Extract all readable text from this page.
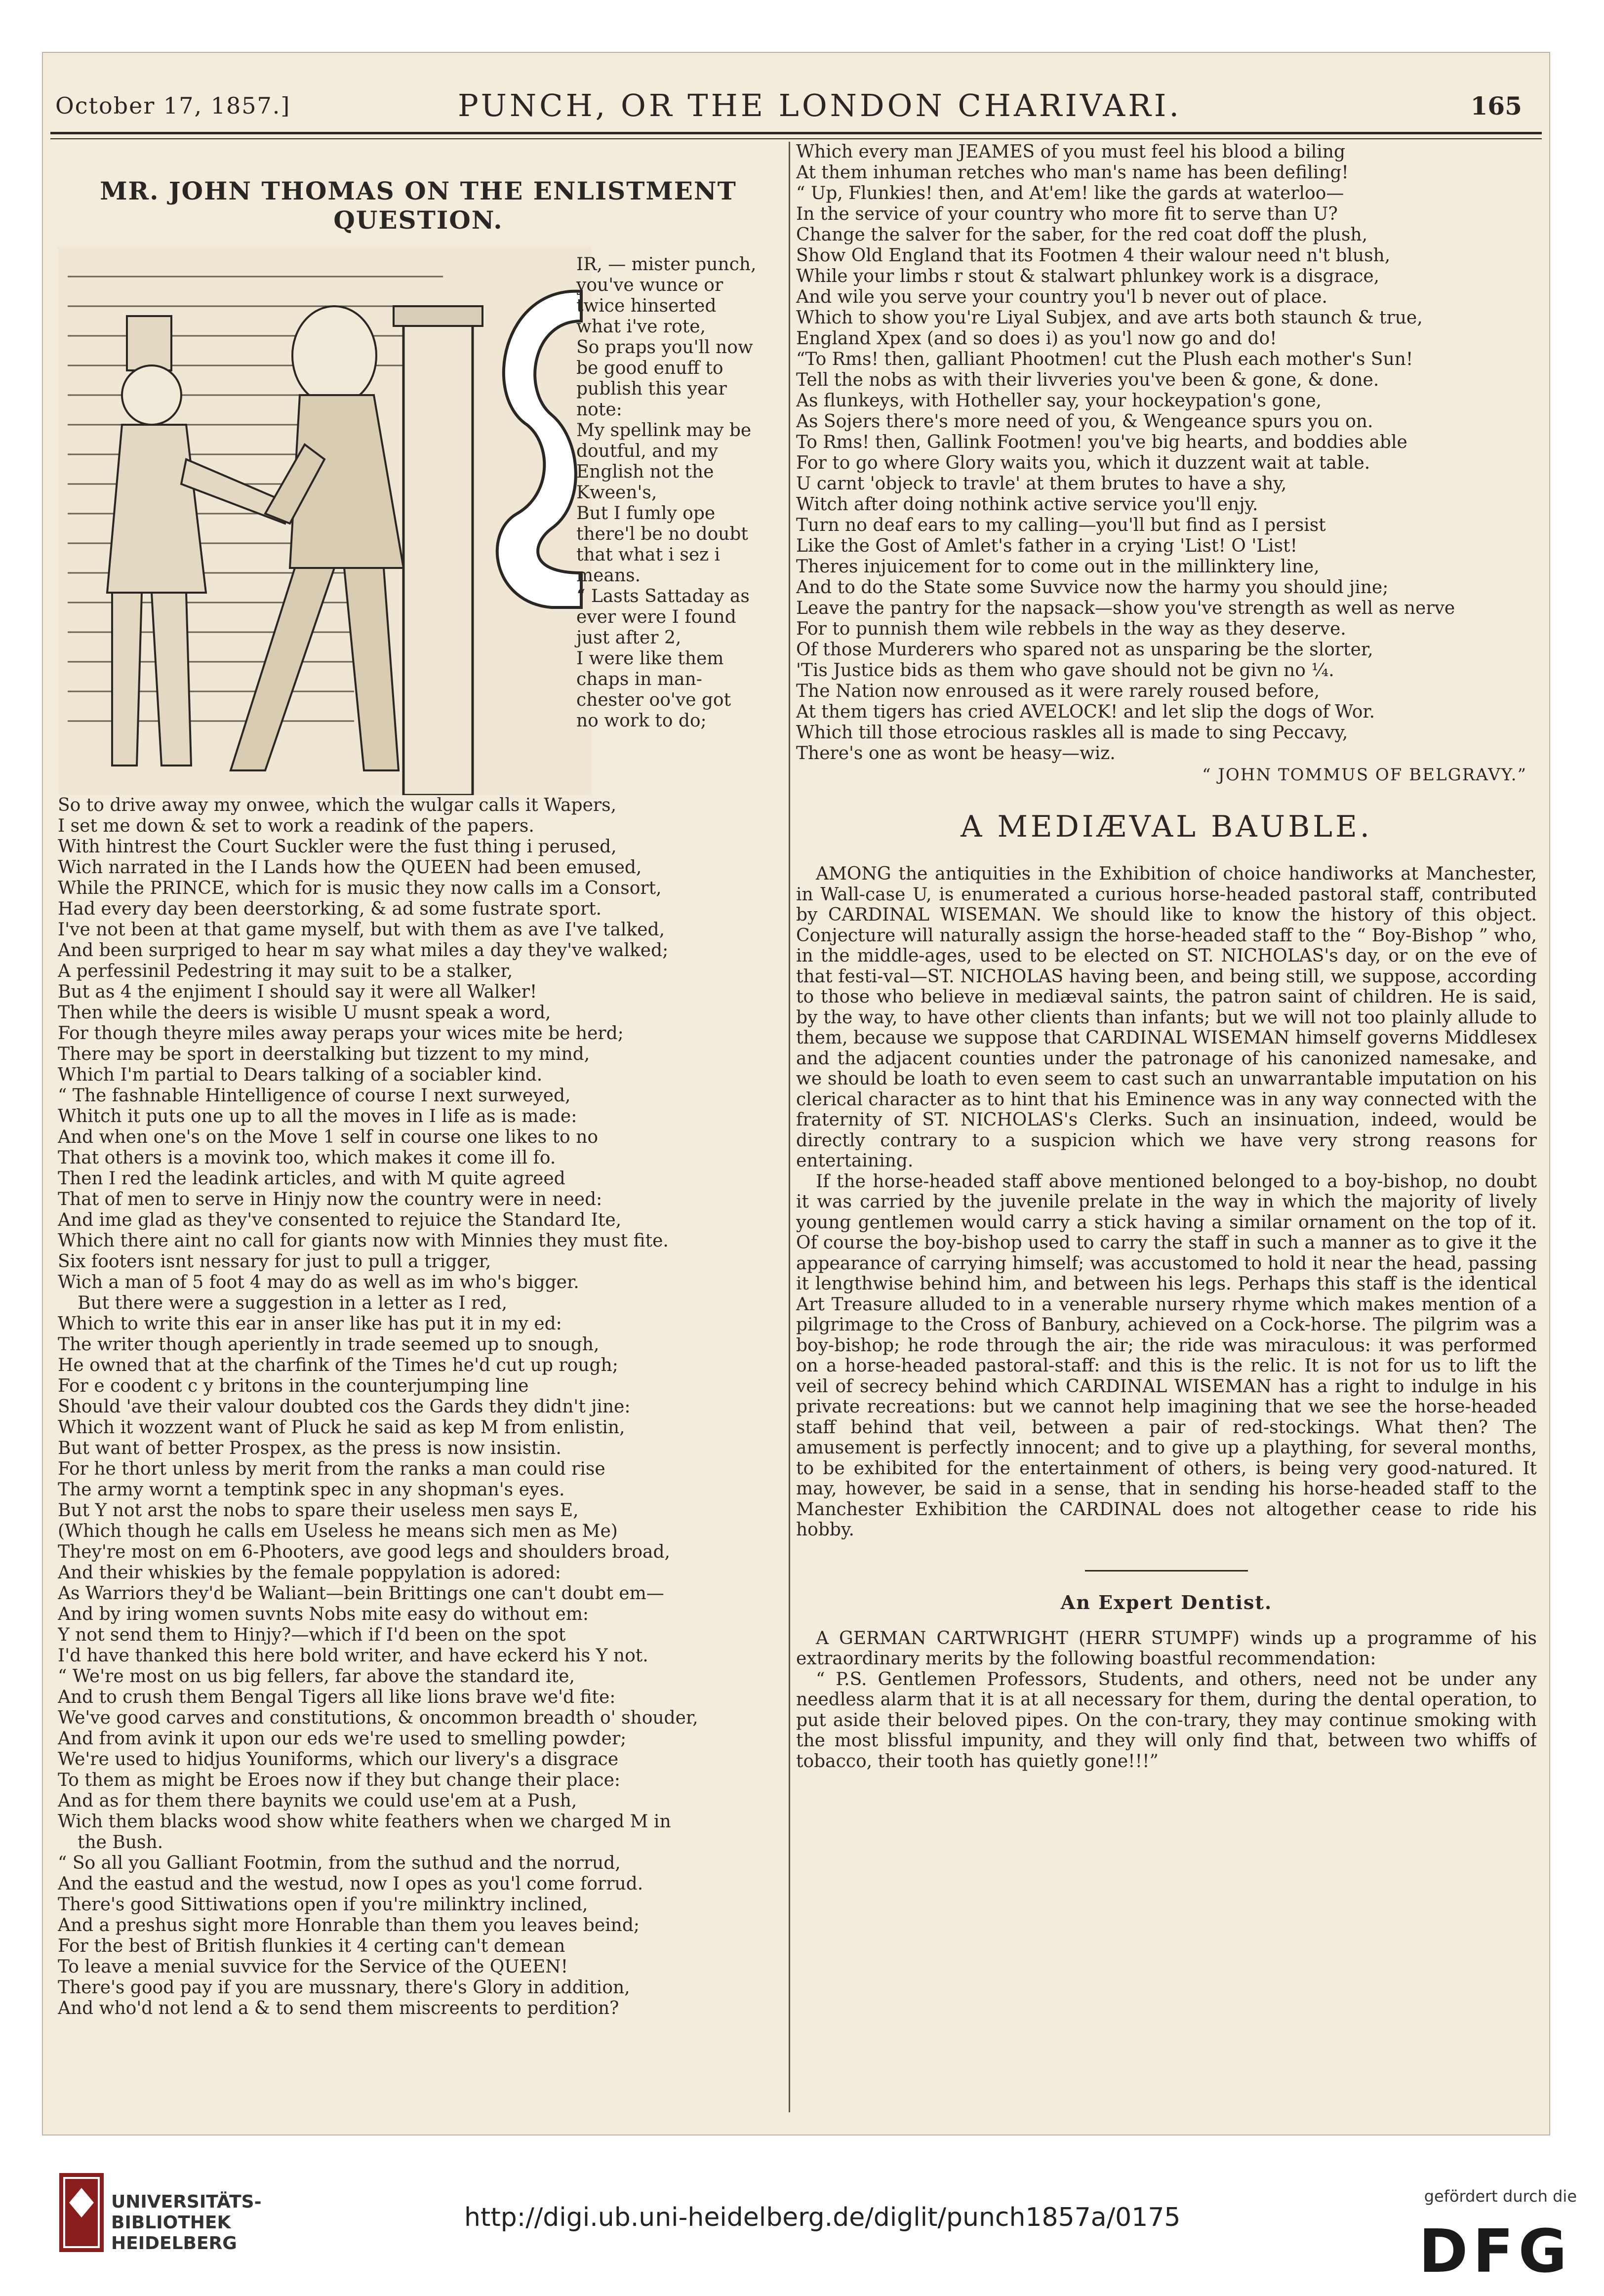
October 17, 1857.]	PUNCH, OR THE LONDON CHARIVARI.	165
MR. JOHN THOMAS ON THE ENLISTMENT QUESTION.

IR, — mister punch,

you've wunce or

twice hinserted

what i've rote,

So praps you'll now

be good enuff to

publish this year

note:

My spellink may be

doutful, and my

English not the

Kween's,

But I fumly ope

there'l be no doubt

that what i sez i

means.

“ Lasts Sattaday as

ever were I found

just after 2,

I were like them

chaps in man-

chester oo've got

no work to do;

So to drive away my onwee, which the wulgar calls it Wapers,

I set me down & set to work a readink of the papers.

With hintrest the Court Suckler were the fust thing i perused,

Wich narrated in the I Lands how the QUEEN had been emused,

While the PRINCE, which for is music they now calls im a Consort,

Had every day been deerstorking, & ad some fustrate sport.

I've not been at that game myself, but with them as ave I've talked,

And been surpriged to hear m say what miles a day they've walked;

A perfessinil Pedestring it may suit to be a stalker,

But as 4 the enjiment I should say it were all Walker!

Then while the deers is wisible U musnt speak a word,

For though theyre miles away peraps your wices mite be herd;

There may be sport in deerstalking but tizzent to my mind,

Which I'm partial to Dears talking of a sociabler kind.

“ The fashnable Hintelligence of course I next surweyed,

Whitch it puts one up to all the moves in I life as is made:

And when one's on the Move 1 self in course one likes to no

That others is a movink too, which makes it come ill fo.

Then I red the leadink articles, and with M quite agreed

That of men to serve in Hinjy now the country were in need:

And ime glad as they've consented to rejuice the Standard Ite,

Which there aint no call for giants now with Minnies they must fite.

Six footers isnt nessary for just to pull a trigger,

Wich a man of 5 foot 4 may do as well as im who's bigger.

But there were a suggestion in a letter as I red,

Which to write this ear in anser like has put it in my ed:

The writer though aperiently in trade seemed up to snough,

He owned that at the charfink of the Times he'd cut up rough;

For e coodent c y britons in the counterjumping line

Should 'ave their valour doubted cos the Gards they didn't jine:

Which it wozzent want of Pluck he said as kep M from enlistin,

But want of better Prospex, as the press is now insistin.

For he thort unless by merit from the ranks a man could rise

The army wornt a temptink spec in any shopman's eyes.

But Y not arst the nobs to spare their useless men says E,

(Which though he calls em Useless he means sich men as Me)

They're most on em 6-Phooters, ave good legs and shoulders broad,

And their whiskies by the female poppylation is adored:

As Warriors they'd be Waliant—bein Brittings one can't doubt em—

And by iring women suvnts Nobs mite easy do without em:

Y not send them to Hinjy?—which if I'd been on the spot

I'd have thanked this here bold writer, and have eckerd his Y not.

“ We're most on us big fellers, far above the standard ite,

And to crush them Bengal Tigers all like lions brave we'd fite:

We've good carves and constitutions, & oncommon breadth o' shouder,

And from avink it upon our eds we're used to smelling powder;

We're used to hidjus Youniforms, which our livery's a disgrace

To them as might be Eroes now if they but change their place:

And as for them there baynits we could use'em at a Push,

Wich them blacks wood show white feathers when we charged M in

the Bush.

“ So all you Galliant Footmin, from the suthud and the norrud,

And the eastud and the westud, now I opes as you'l come forrud.

There's good Sittiwations open if you're milinktry inclined,

And a preshus sight more Honrable than them you leaves beind;

For the best of British flunkies it 4 certing can't demean

To leave a menial suvvice for the Service of the QUEEN!

There's good pay if you are mussnary, there's Glory in addition,

And who'd not lend a & to send them miscreents to perdition?

Which every man JEAMES of you must feel his blood a biling

At them inhuman retches who man's name has been defiling!

“ Up, Flunkies! then, and At'em! like the gards at waterloo—

In the service of your country who more fit to serve than U?

Change the salver for the saber, for the red coat doff the plush,

Show Old England that its Footmen 4 their walour need n't blush,

While your limbs r stout & stalwart phlunkey work is a disgrace,

And wile you serve your country you'l b never out of place.

Which to show you're Liyal Subjex, and ave arts both staunch & true,

England Xpex (and so does i) as you'l now go and do!

“To Rms! then, galliant Phootmen! cut the Plush each mother's Sun!

Tell the nobs as with their livveries you've been & gone, & done.

As flunkeys, with Hotheller say, your hockeypation's gone,

As Sojers there's more need of you, & Wengeance spurs you on.

To Rms! then, Gallink Footmen! you've big hearts, and boddies able

For to go where Glory waits you, which it duzzent wait at table.

U carnt 'objeck to travle' at them brutes to have a shy,

Witch after doing nothink active service you'll enjy.

Turn no deaf ears to my calling—you'll but find as I persist

Like the Gost of Amlet's father in a crying 'List! O 'List!

Theres injuicement for to come out in the millinktery line,

And to do the State some Suvvice now the harmy you should jine;

Leave the pantry for the napsack—show you've strength as well as nerve

For to punnish them wile rebbels in the way as they deserve.

Of those Murderers who spared not as unsparing be the slorter,

'Tis Justice bids as them who gave should not be givn no ¼.

The Nation now enroused as it were rarely roused before,

At them tigers has cried AVELOCK! and let slip the dogs of Wor.

Which till those etrocious raskles all is made to sing Peccavy,

There's one as wont be heasy—wiz.

“ JOHN TOMMUS OF BELGRAVY.”
A MEDIÆVAL BAUBLE.

AMONG the antiquities in the Exhibition of choice handiworks at Manchester, in Wall-case U, is enumerated a curious horse-headed pastoral staff, contributed by CARDINAL WISEMAN. We should like to know the history of this object. Conjecture will naturally assign the horse-headed staff to the “ Boy-Bishop ” who, in the middle-ages, used to be elected on ST. NICHOLAS's day, or on the eve of that festi-val—ST. NICHOLAS having been, and being still, we suppose, according to those who believe in mediæval saints, the patron saint of children. He is said, by the way, to have other clients than infants; but we will not too plainly allude to them, because we suppose that CARDINAL WISEMAN himself governs Middlesex and the adjacent counties under the patronage of his canonized namesake, and we should be loath to even seem to cast such an unwarrantable imputation on his clerical character as to hint that his Eminence was in any way connected with the fraternity of ST. NICHOLAS's Clerks. Such an insinuation, indeed, would be directly contrary to a suspicion which we have very strong reasons for entertaining.

If the horse-headed staff above mentioned belonged to a boy-bishop, no doubt it was carried by the juvenile prelate in the way in which the majority of lively young gentlemen would carry a stick having a similar ornament on the top of it. Of course the boy-bishop used to carry the staff in such a manner as to give it the appearance of carrying himself; was accustomed to hold it near the head, passing it lengthwise behind him, and between his legs. Perhaps this staff is the identical Art Treasure alluded to in a venerable nursery rhyme which makes mention of a pilgrimage to the Cross of Banbury, achieved on a Cock-horse. The pilgrim was a boy-bishop; he rode through the air; the ride was miraculous: it was performed on a horse-headed pastoral-staff: and this is the relic. It is not for us to lift the veil of secrecy behind which CARDINAL WISEMAN has a right to indulge in his private recreations: but we cannot help imagining that we see the horse-headed staff behind that veil, between a pair of red-stockings. What then? The amusement is perfectly innocent; and to give up a plaything, for several months, to be exhibited for the entertainment of others, is being very good-natured. It may, however, be said in a sense, that in sending his horse-headed staff to the Manchester Exhibition the CARDINAL does not altogether cease to ride his hobby.

An Expert Dentist.

A GERMAN CARTWRIGHT (HERR STUMPF) winds up a programme of his extraordinary merits by the following boastful recommendation:

“ P.S. Gentlemen Professors, Students, and others, need not be under any needless alarm that it is at all necessary for them, during the dental operation, to put aside their beloved pipes. On the con-trary, they may continue smoking with the most blissful impunity, and they will only find that, between two whiffs of tobacco, their tooth has quietly gone!!!”

UNIVERSITÄTS-
BIBLIOTHEK
HEIDELBERG
http://digi.ub.uni-heidelberg.de/diglit/punch1857a/0175
gefördert durch die
DFG
